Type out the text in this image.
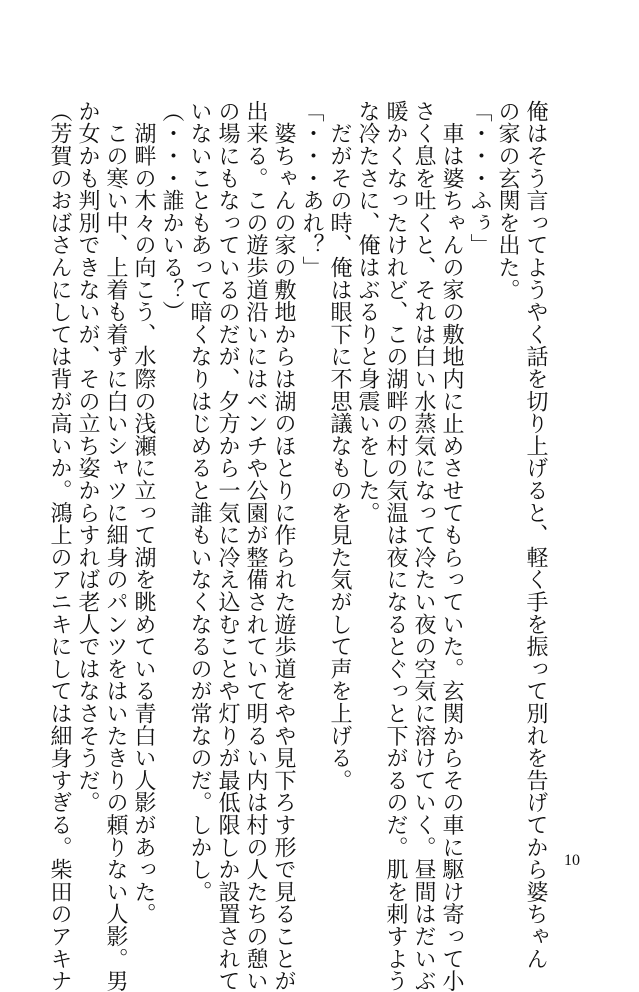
俺はそう言ってようやく話を切り上げると、軽く手を振って別れを告げてから婆ちゃん
の家の玄関を出た。
「・・・ふぅ」
　車は婆ちゃんの家の敷地内に止めさせてもらっていた。玄関からその車に駆け寄って小
さく息を吐くと、それは白い水蒸気になって冷たい夜の空気に溶けていく。昼間はだいぶ
暖かくなったけれど、この湖畔の村の気温は夜になるとぐっと下がるのだ。肌を刺すよう
な冷たさに、俺はぶるりと身震いをした。
　だがその時、俺は眼下に不思議なものを見た気がして声を上げる。
「・・・あれ？」
　婆ちゃんの家の敷地からは湖のほとりに作られた遊歩道をやや見下ろす形で見ることが
出来る。この遊歩道沿いにはベンチや公園が整備されていて明るい内は村の人たちの憩い
の場にもなっているのだが、夕方から一気に冷え込むことや灯りが最低限しか設置されて
いないこともあって暗くなりはじめると誰もいなくなるのが常なのだ。しかし。
（・・・誰かいる？）
　湖畔の木々の向こう、水際の浅瀬に立って湖を眺めている青白い人影があった。
　この寒い中、上着も着ずに白いシャツに細身のパンツをはいたきりの頼りない人影。男
か女かも判別できないが、その立ち姿からすれば老人ではなさそうだ。
（芳賀のおばさんにしては背が高いか。鴻上のアニキにしては細身すぎる。柴田のアキナ	10
